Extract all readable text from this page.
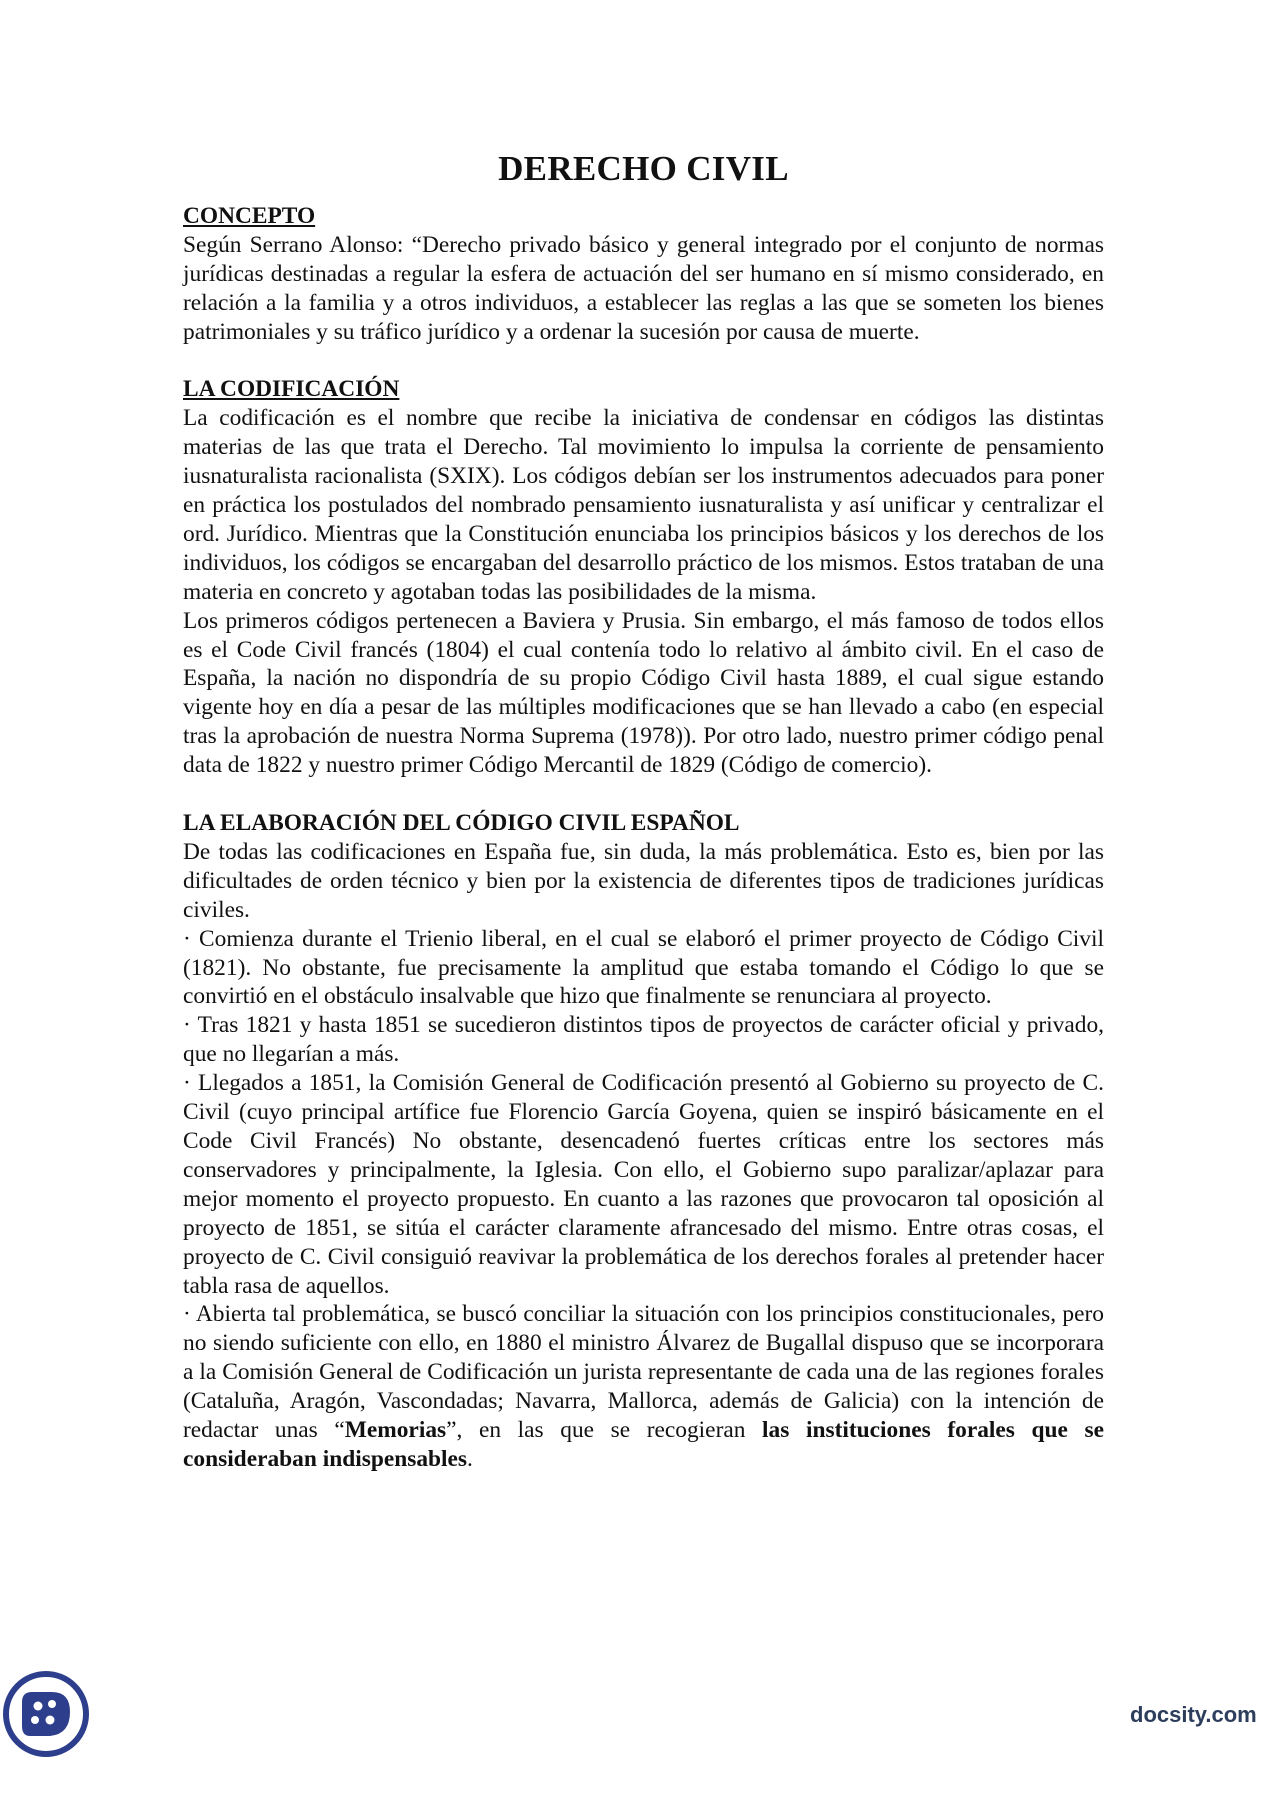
DERECHO CIVIL
CONCEPTO

Según Serrano Alonso: “Derecho privado básico y general integrado por el conjunto de normas jurídicas destinadas a regular la esfera de actuación del ser humano en sí mismo considerado, en relación a la familia y a otros individuos, a establecer las reglas a las que se someten los bienes patrimoniales y su tráfico jurídico y a ordenar la sucesión por causa de muerte.

LA CODIFICACIÓN

La codificación es el nombre que recibe la iniciativa de condensar en códigos las distintas materias de las que trata el Derecho. Tal movimiento lo impulsa la corriente de pensamiento iusnaturalista racionalista (SXIX). Los códigos debían ser los instrumentos adecuados para poner en práctica los postulados del nombrado pensamiento iusnaturalista y así unificar y centralizar el ord. Jurídico. Mientras que la Constitución enunciaba los principios básicos y los derechos de los individuos, los códigos se encargaban del desarrollo práctico de los mismos. Estos trataban de una materia en concreto y agotaban todas las posibilidades de la misma.

Los primeros códigos pertenecen a Baviera y Prusia. Sin embargo, el más famoso de todos ellos es el Code Civil francés (1804) el cual contenía todo lo relativo al ámbito civil. En el caso de España, la nación no dispondría de su propio Código Civil hasta 1889, el cual sigue estando vigente hoy en día a pesar de las múltiples modificaciones que se han llevado a cabo (en especial tras la aprobación de nuestra Norma Suprema (1978)). Por otro lado, nuestro primer código penal data de 1822 y nuestro primer Código Mercantil de 1829 (Código de comercio).

LA ELABORACIÓN DEL CÓDIGO CIVIL ESPAÑOL

De todas las codificaciones en España fue, sin duda, la más problemática. Esto es, bien por las dificultades de orden técnico y bien por la existencia de diferentes tipos de tradiciones jurídicas civiles.

· Comienza durante el Trienio liberal, en el cual se elaboró el primer proyecto de Código Civil (1821). No obstante, fue precisamente la amplitud que estaba tomando el Código lo que se convirtió en el obstáculo insalvable que hizo que finalmente se renunciara al proyecto.

· Tras 1821 y hasta 1851 se sucedieron distintos tipos de proyectos de carácter oficial y privado, que no llegarían a más.

· Llegados a 1851, la Comisión General de Codificación presentó al Gobierno su proyecto de C. Civil (cuyo principal artífice fue Florencio García Goyena, quien se inspiró básicamente en el Code Civil Francés) No obstante, desencadenó fuertes críticas entre los sectores más conservadores y principalmente, la Iglesia. Con ello, el Gobierno supo paralizar/aplazar para mejor momento el proyecto propuesto. En cuanto a las razones que provocaron tal oposición al proyecto de 1851, se sitúa el carácter claramente afrancesado del mismo. Entre otras cosas, el proyecto de C. Civil consiguió reavivar la problemática de los derechos forales al pretender hacer tabla rasa de aquellos.

· Abierta tal problemática, se buscó conciliar la situación con los principios constitucionales, pero no siendo suficiente con ello, en 1880 el ministro Álvarez de Bugallal dispuso que se incorporara a la Comisión General de Codificación un jurista representante de cada una de las regiones forales (Cataluña, Aragón, Vascondadas; Navarra, Mallorca, además de Galicia) con la intención de redactar unas “Memorias”, en las que se recogieran las instituciones forales que se consideraban indispensables.

docsity.com
